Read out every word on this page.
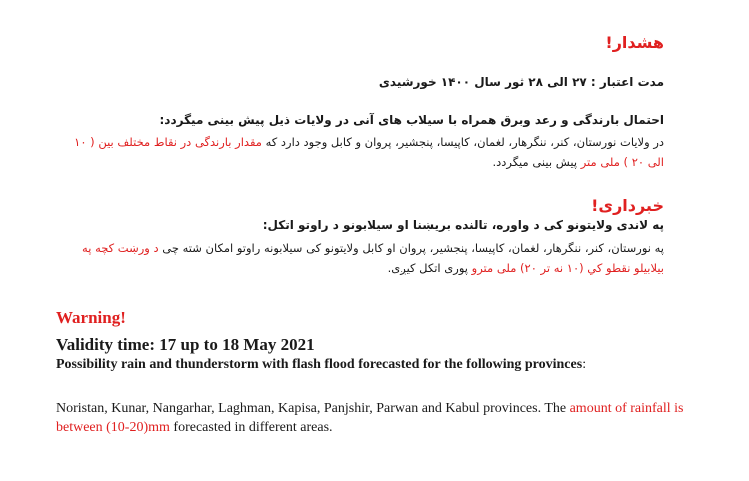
هشدار!
مدت اعتبار : ۲۷ الی ۲۸ ثور سال ۱۴۰۰ خورشیدی
احتمال بارندگی و رعد وبرق همراه با سیلاب های آنی در ولایات ذیل پیش بینی میگردد:
در ولایات نورستان، کنر، ننگرهار، لغمان، کاپیسا، پنجشیر، پروان و کابل وجود دارد که مقدار بارندگی در نقاط مختلف بین ( ۱۰ الی ۲۰ ) ملی متر پیش بینی میگردد.
خبرداری!
په لاندی ولایتونو کی د واوره، تالنده بریښنا او سیلابونو د راوتو اتکل:
په نورستان، کنر، ننگرهار، لغمان، کاپیسا، پنجشیر، پروان او کابل ولایتونو کی سیلابونه راوتو امکان شته چی د ورښت کچه په بیلابیلو نقطو کي (۱۰ نه تر ۲۰) ملی مترو پوری اتکل کیږی.
Warning!
Validity time: 17 up to 18 May 2021
Possibility rain and thunderstorm with flash flood forecasted for the following provinces:
Noristan, Kunar, Nangarhar, Laghman, Kapisa, Panjshir, Parwan and Kabul provinces. The amount of rainfall is between (10-20)mm forecasted in different areas.
